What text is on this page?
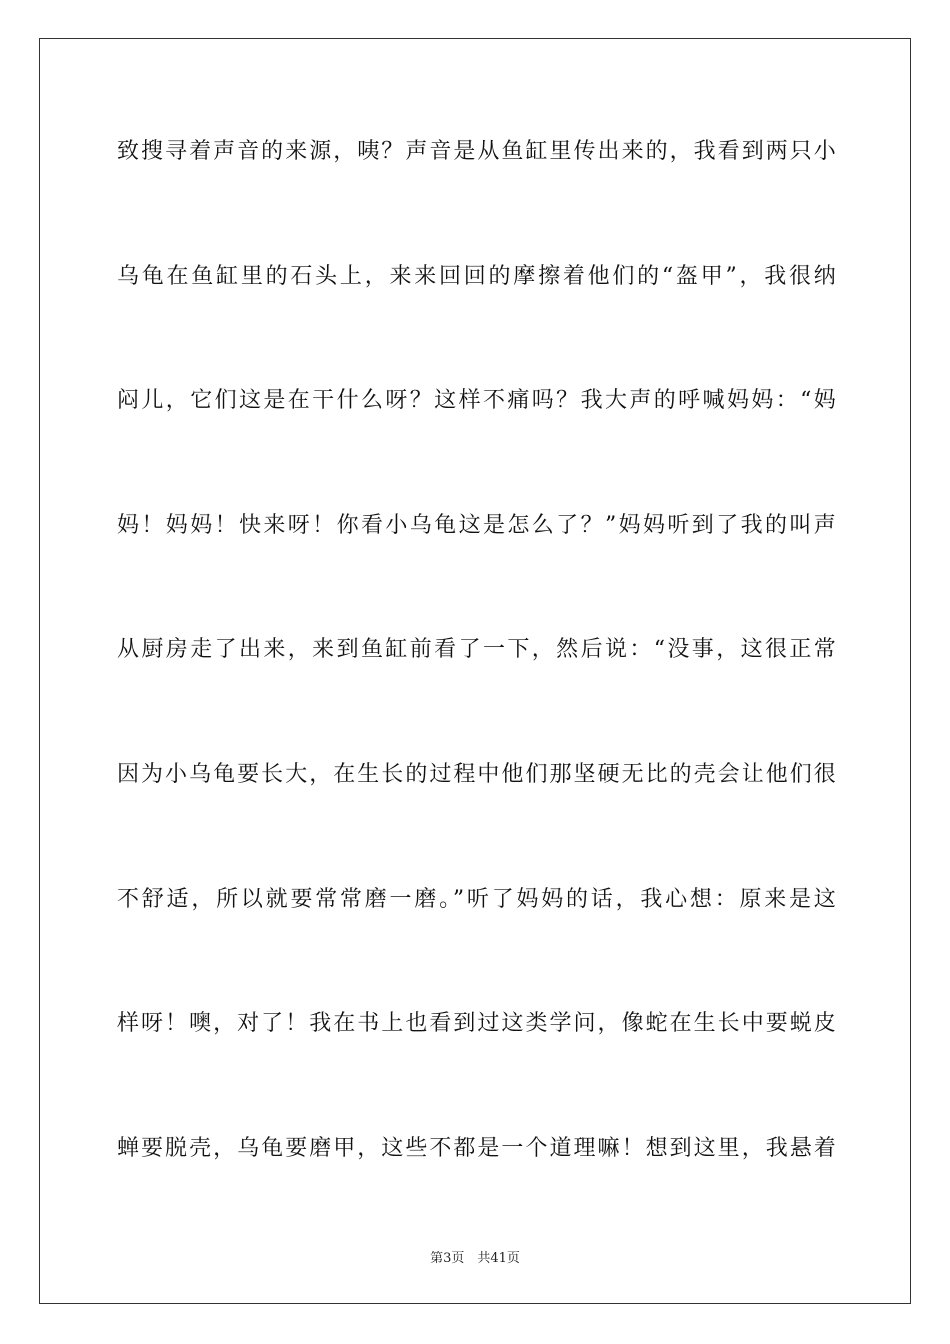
致搜寻着声音的来源，咦？声音是从鱼缸里传出来的，我看到两只小
乌龟在鱼缸里的石头上，来来回回的摩擦着他们的“盔甲”，我很纳
闷儿，它们这是在干什么呀？这样不痛吗？我大声的呼喊妈妈：“妈
妈！妈妈！快来呀！你看小乌龟这是怎么了？”妈妈听到了我的叫声
从厨房走了出来，来到鱼缸前看了一下，然后说：“没事，这很正常
因为小乌龟要长大，在生长的过程中他们那坚硬无比的壳会让他们很
不舒适，所以就要常常磨一磨。”听了妈妈的话，我心想：原来是这
样呀！噢，对了！我在书上也看到过这类学问，像蛇在生长中要蜕皮
蝉要脱壳，乌龟要磨甲，这些不都是一个道理嘛！想到这里，我悬着
第3页　共41页
